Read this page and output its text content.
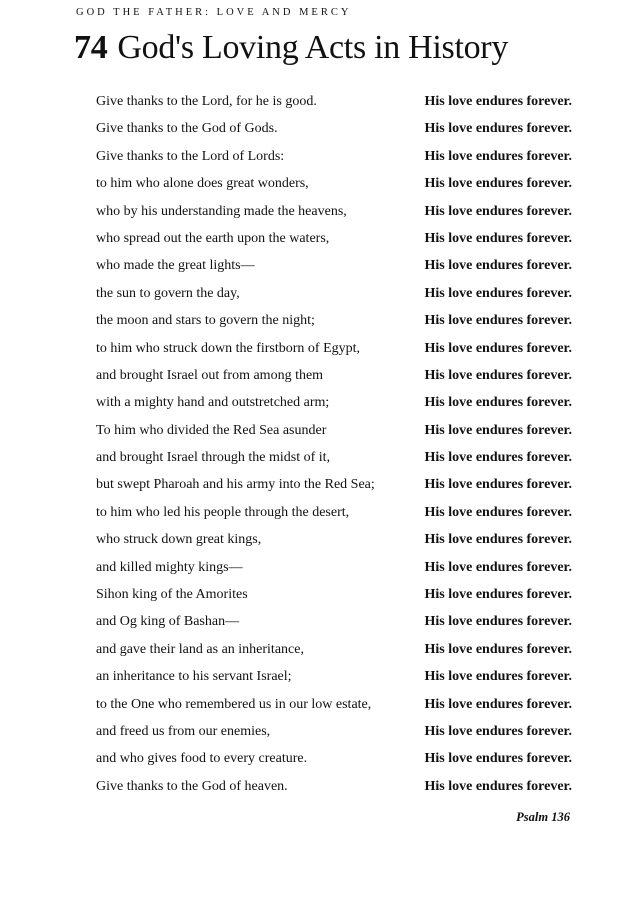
GOD THE FATHER: LOVE AND MERCY
74 God's Loving Acts in History
Give thanks to the Lord, for he is good.	His love endures forever.
Give thanks to the God of Gods.	His love endures forever.
Give thanks to the Lord of Lords:	His love endures forever.
to him who alone does great wonders,	His love endures forever.
who by his understanding made the heavens,	His love endures forever.
who spread out the earth upon the waters,	His love endures forever.
who made the great lights—	His love endures forever.
the sun to govern the day,	His love endures forever.
the moon and stars to govern the night;	His love endures forever.
to him who struck down the firstborn of Egypt,	His love endures forever.
and brought Israel out from among them	His love endures forever.
with a mighty hand and outstretched arm;	His love endures forever.
To him who divided the Red Sea asunder	His love endures forever.
and brought Israel through the midst of it,	His love endures forever.
but swept Pharoah and his army into the Red Sea;	His love endures forever.
to him who led his people through the desert,	His love endures forever.
who struck down great kings,	His love endures forever.
and killed mighty kings—	His love endures forever.
Sihon king of the Amorites	His love endures forever.
and Og king of Bashan—	His love endures forever.
and gave their land as an inheritance,	His love endures forever.
an inheritance to his servant Israel;	His love endures forever.
to the One who remembered us in our low estate,	His love endures forever.
and freed us from our enemies,	His love endures forever.
and who gives food to every creature.	His love endures forever.
Give thanks to the God of heaven.	His love endures forever.
Psalm 136
